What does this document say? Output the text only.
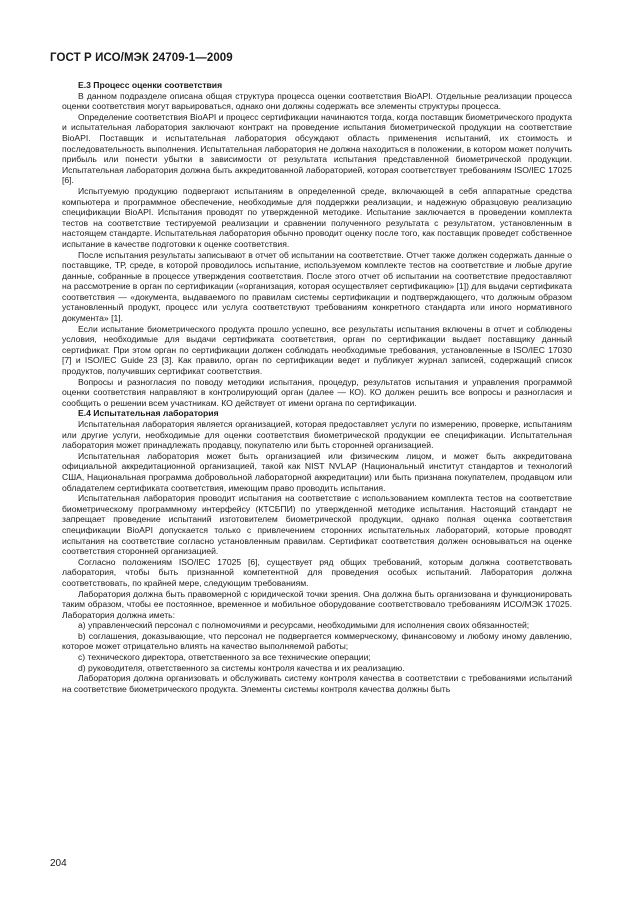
ГОСТ Р ИСО/МЭК 24709-1—2009
Е.3 Процесс оценки соответствия

В данном подразделе описана общая структура процесса оценки соответствия BioAPI. Отдельные реализации процесса оценки соответствия могут варьироваться, однако они должны содержать все элементы структуры процесса.

Определение соответствия BioAPI и процесс сертификации начинаются тогда, когда поставщик биометрического продукта и испытательная лаборатория заключают контракт на проведение испытания биометрической продукции на соответствие BioAPI. Поставщик и испытательная лаборатория обсуждают область применения испытаний, их стоимость и последовательность выполнения. Испытательная лаборатория не должна находиться в положении, в котором может получить прибыль или понести убытки в зависимости от результата испытания представленной биометрической продукции. Испытательная лаборатория должна быть аккредитованной лабораторией, которая соответствует требованиям ISO/IEC 17025 [6].

Испытуемую продукцию подвергают испытаниям в определенной среде, включающей в себя аппаратные средства компьютера и программное обеспечение, необходимые для поддержки реализации, и надежную образцовую реализацию спецификации BioAPI. Испытания проводят по утвержденной методике. Испытание заключается в проведении комплекта тестов на соответствие тестируемой реализации и сравнении полученного результата с результатом, установленным в настоящем стандарте. Испытательная лаборатория обычно проводит оценку после того, как поставщик проведет собственное испытание в качестве подготовки к оценке соответствия.

После испытания результаты записывают в отчет об испытании на соответствие. Отчет также должен содержать данные о поставщике, ТР, среде, в которой проводилось испытание, используемом комплекте тестов на соответствие и любые другие данные, собранные в процессе утверждения соответствия. После этого отчет об испытании на соответствие предоставляют на рассмотрение в орган по сертификации («организация, которая осуществляет сертификацию» [1]) для выдачи сертификата соответствия — «документа, выдаваемого по правилам системы сертификации и подтверждающего, что должным образом установленный продукт, процесс или услуга соответствуют требованиям конкретного стандарта или иного нормативного документа» [1].

Если испытание биометрического продукта прошло успешно, все результаты испытания включены в отчет и соблюдены условия, необходимые для выдачи сертификата соответствия, орган по сертификации выдает поставщику данный сертификат. При этом орган по сертификации должен соблюдать необходимые требования, установленные в ISO/IEC 17030 [7] и ISO/IEC Guide 23 [3]. Как правило, орган по сертификации ведет и публикует журнал записей, содержащий список продуктов, получивших сертификат соответствия.

Вопросы и разногласия по поводу методики испытания, процедур, результатов испытания и управления программой оценки соответствия направляют в контролирующий орган (далее — КО). КО должен решить все вопросы и разногласия и сообщить о решении всем участникам. КО действует от имени органа по сертификации.

Е.4 Испытательная лаборатория

Испытательная лаборатория является организацией, которая предоставляет услуги по измерению, проверке, испытаниям или другие услуги, необходимые для оценки соответствия биометрической продукции ее спецификации. Испытательная лаборатория может принадлежать продавцу, покупателю или быть сторонней организацией.

Испытательная лаборатория может быть организацией или физическим лицом, и может быть аккредитована официальной аккредитационной организацией, такой как NIST NVLAP (Национальный институт стандартов и технологий США, Национальная программа добровольной лабораторной аккредитации) или быть признана покупателем, продавцом или обладателем сертификата соответствия, имеющим право проводить испытания.

Испытательная лаборатория проводит испытания на соответствие с использованием комплекта тестов на соответствие биометрическому программному интерфейсу (КТСБПИ) по утвержденной методике испытания. Настоящий стандарт не запрещает проведение испытаний изготовителем биометрической продукции, однако полная оценка соответствия спецификации BioAPI допускается только с привлечением сторонних испытательных лабораторий, которые проводят испытания на соответствие согласно установленным правилам. Сертификат соответствия должен основываться на оценке соответствия сторонней организацией.

Согласно положениям ISO/IEC 17025 [6], существует ряд общих требований, которым должна соответствовать лаборатория, чтобы быть признанной компетентной для проведения особых испытаний. Лаборатория должна соответствовать, по крайней мере, следующим требованиям.

Лаборатория должна быть правомерной с юридической точки зрения. Она должна быть организована и функционировать таким образом, чтобы ее постоянное, временное и мобильное оборудование соответствовало требованиям ИСО/МЭК 17025. Лаборатория должна иметь:

a) управленческий персонал с полномочиями и ресурсами, необходимыми для исполнения своих обязанностей;

b) соглашения, доказывающие, что персонал не подвергается коммерческому, финансовому и любому иному давлению, которое может отрицательно влиять на качество выполняемой работы;

c) технического директора, ответственного за все технические операции;

d) руководителя, ответственного за системы контроля качества и их реализацию.

Лаборатория должна организовать и обслуживать систему контроля качества в соответствии с требованиями испытаний на соответствие биометрического продукта. Элементы системы контроля качества должны быть

204
